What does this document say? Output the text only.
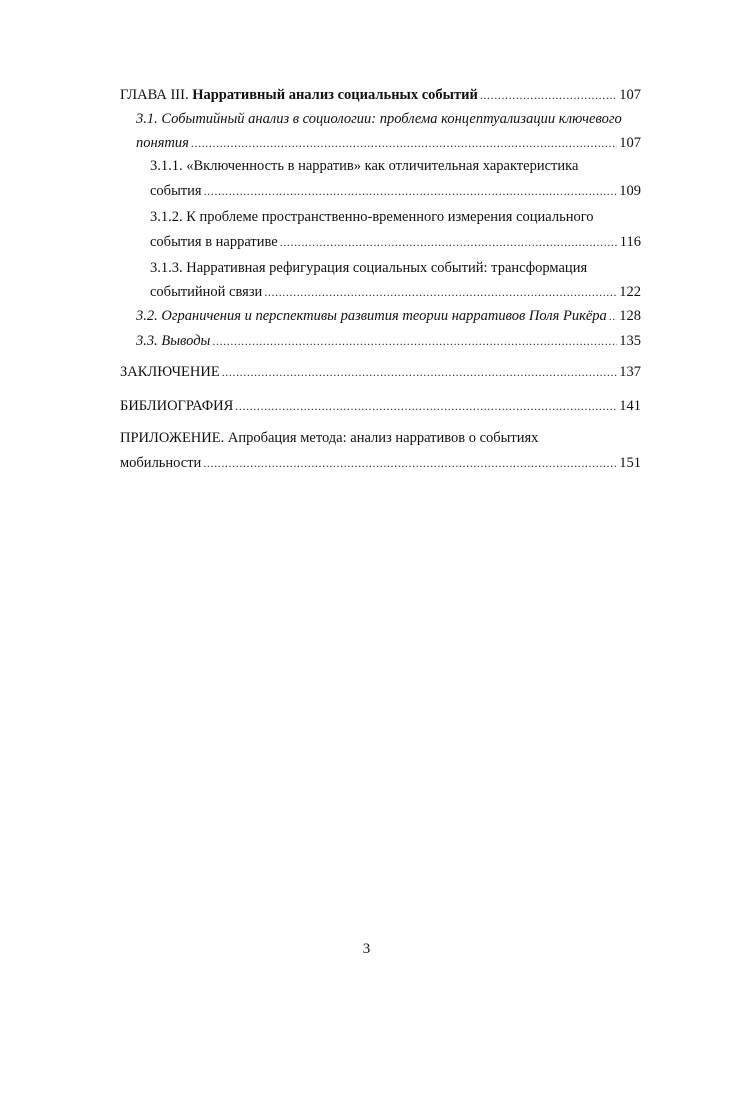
ГЛАВА III. Нарративный анализ социальных событий .....	107
3.1. Событийный анализ в социологии: проблема концептуализации ключевого
понятия .....	107
3.1.1. «Включенность в нарратив» как отличительная характеристика
события .....	109
3.1.2. К проблеме пространственно-временного измерения социального
события в нарративе .....	116
3.1.3. Нарративная рефигурация социальных событий: трансформация
событийной связи .....	122
3.2. Ограничения и перспективы развития теории нарративов Поля Рикёра ..... 128
3.3. Выводы .....	135
ЗАКЛЮЧЕНИЕ .....	137
БИБЛИОГРАФИЯ .....	141
ПРИЛОЖЕНИЕ. Апробация метода: анализ нарративов о событиях
мобильности .....	151
3
